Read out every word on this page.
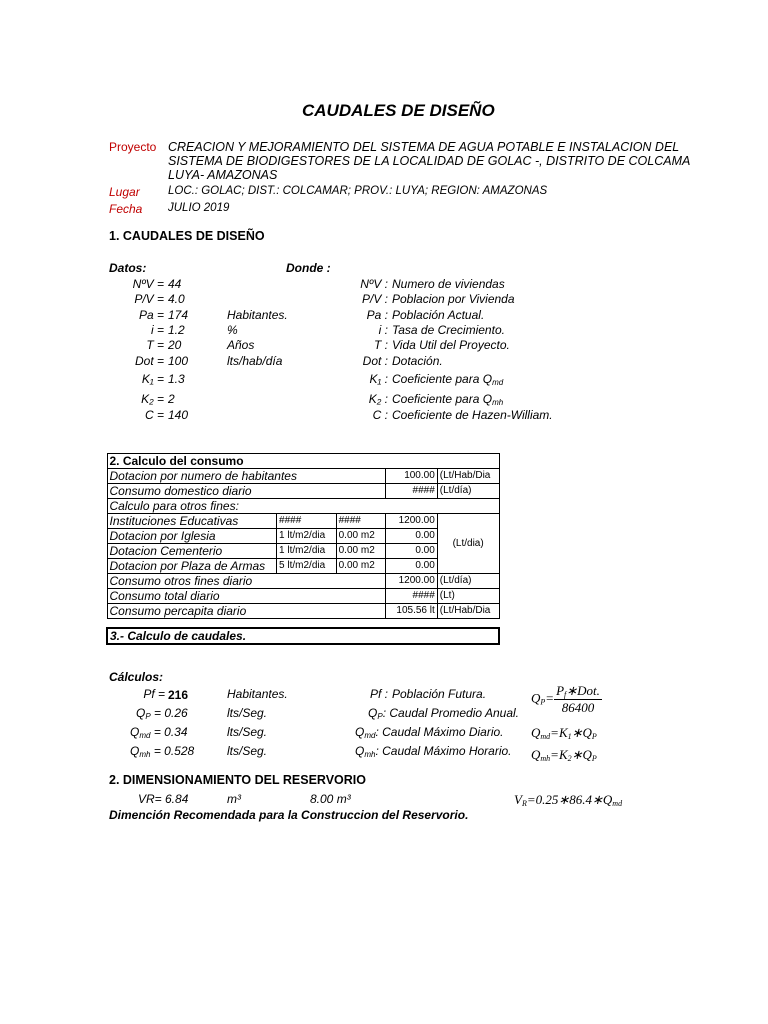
CAUDALES DE DISEÑO
Proyecto CREACION Y MEJORAMIENTO DEL SISTEMA DE AGUA POTABLE E INSTALACION DEL
SISTEMA DE BIODIGESTORES DE LA LOCALIDAD DE GOLAC -, DISTRITO DE COLCAMA
LUYA- AMAZONAS
Lugar LOC.: GOLAC; DIST.: COLCAMAR; PROV.: LUYA; REGION: AMAZONAS
Fecha JULIO 2019
1. CAUDALES DE DISEÑO
Datos:	Donde :
NºV = 44	NºV : Numero de viviendas
P/V = 4.0	P/V : Poblacion por Vivienda
Pa = 174	Habitantes.	Pa : Población Actual.
i = 1.2	%	i : Tasa de Crecimiento.
T = 20	Años	T : Vida Util del Proyecto.
Dot = 100	lts/hab/día	Dot : Dotación.
K₁ = 1.3	K₁ : Coeficiente para $Q_{md}$
K₂ = 2	K₂ : Coeficiente para $Q_{mh}$
C = 140	C : Coeficiente de Hazen-William.
2. Calculo del consumo				
Dotacion por numero de habitantes			100.00	(Lt/Hab/Dia
Consumo domestico diario			####	(Lt/día)
Calculo para otros fines:				
Instituciones Educativas	####	####	1200.00	(Lt/dia)
Dotacion por Iglesia	1 lt/m2/dia	0.00 m2	0.00	
Dotacion Cementerio	1 lt/m2/dia	0.00 m2	0.00	
Dotacion por Plaza de Armas	5 lt/m2/dia	0.00 m2	0.00	
Consumo otros fines diario			1200.00	(Lt/día)
Consumo total diario			####	(Lt)
Consumo percapita diario			105.56 lt	(Lt/Hab/Dia

3.- Calculo de caudales.				
Cálculos:
Pf = 216	Habitantes.	Pf : Población Futura.
$Q_P = 0.26$	lts/Seg.	$Q_P$: Caudal Promedio Anual.
$Q_{md} = 0.34$	lts/Seg.	$Q_{md}$: Caudal Máximo Diario.
$Q_{mh} = 0.528$	lts/Seg.	$Q_{mh}$: Caudal Máximo Horario.
$Q_P= \frac{P_f∗Dot.}{86400}$
$Q_{md}=K_1∗Q_P$
$Q_{mh}=K_2∗Q_P$
2. DIMENSIONAMIENTO DEL RESERVORIO
VR= 6.84	m³	8.00 m³	$V_R=0.25∗86.4∗Q_{md}$
Dimención Recomendada para la Construccion del Reservorio.
